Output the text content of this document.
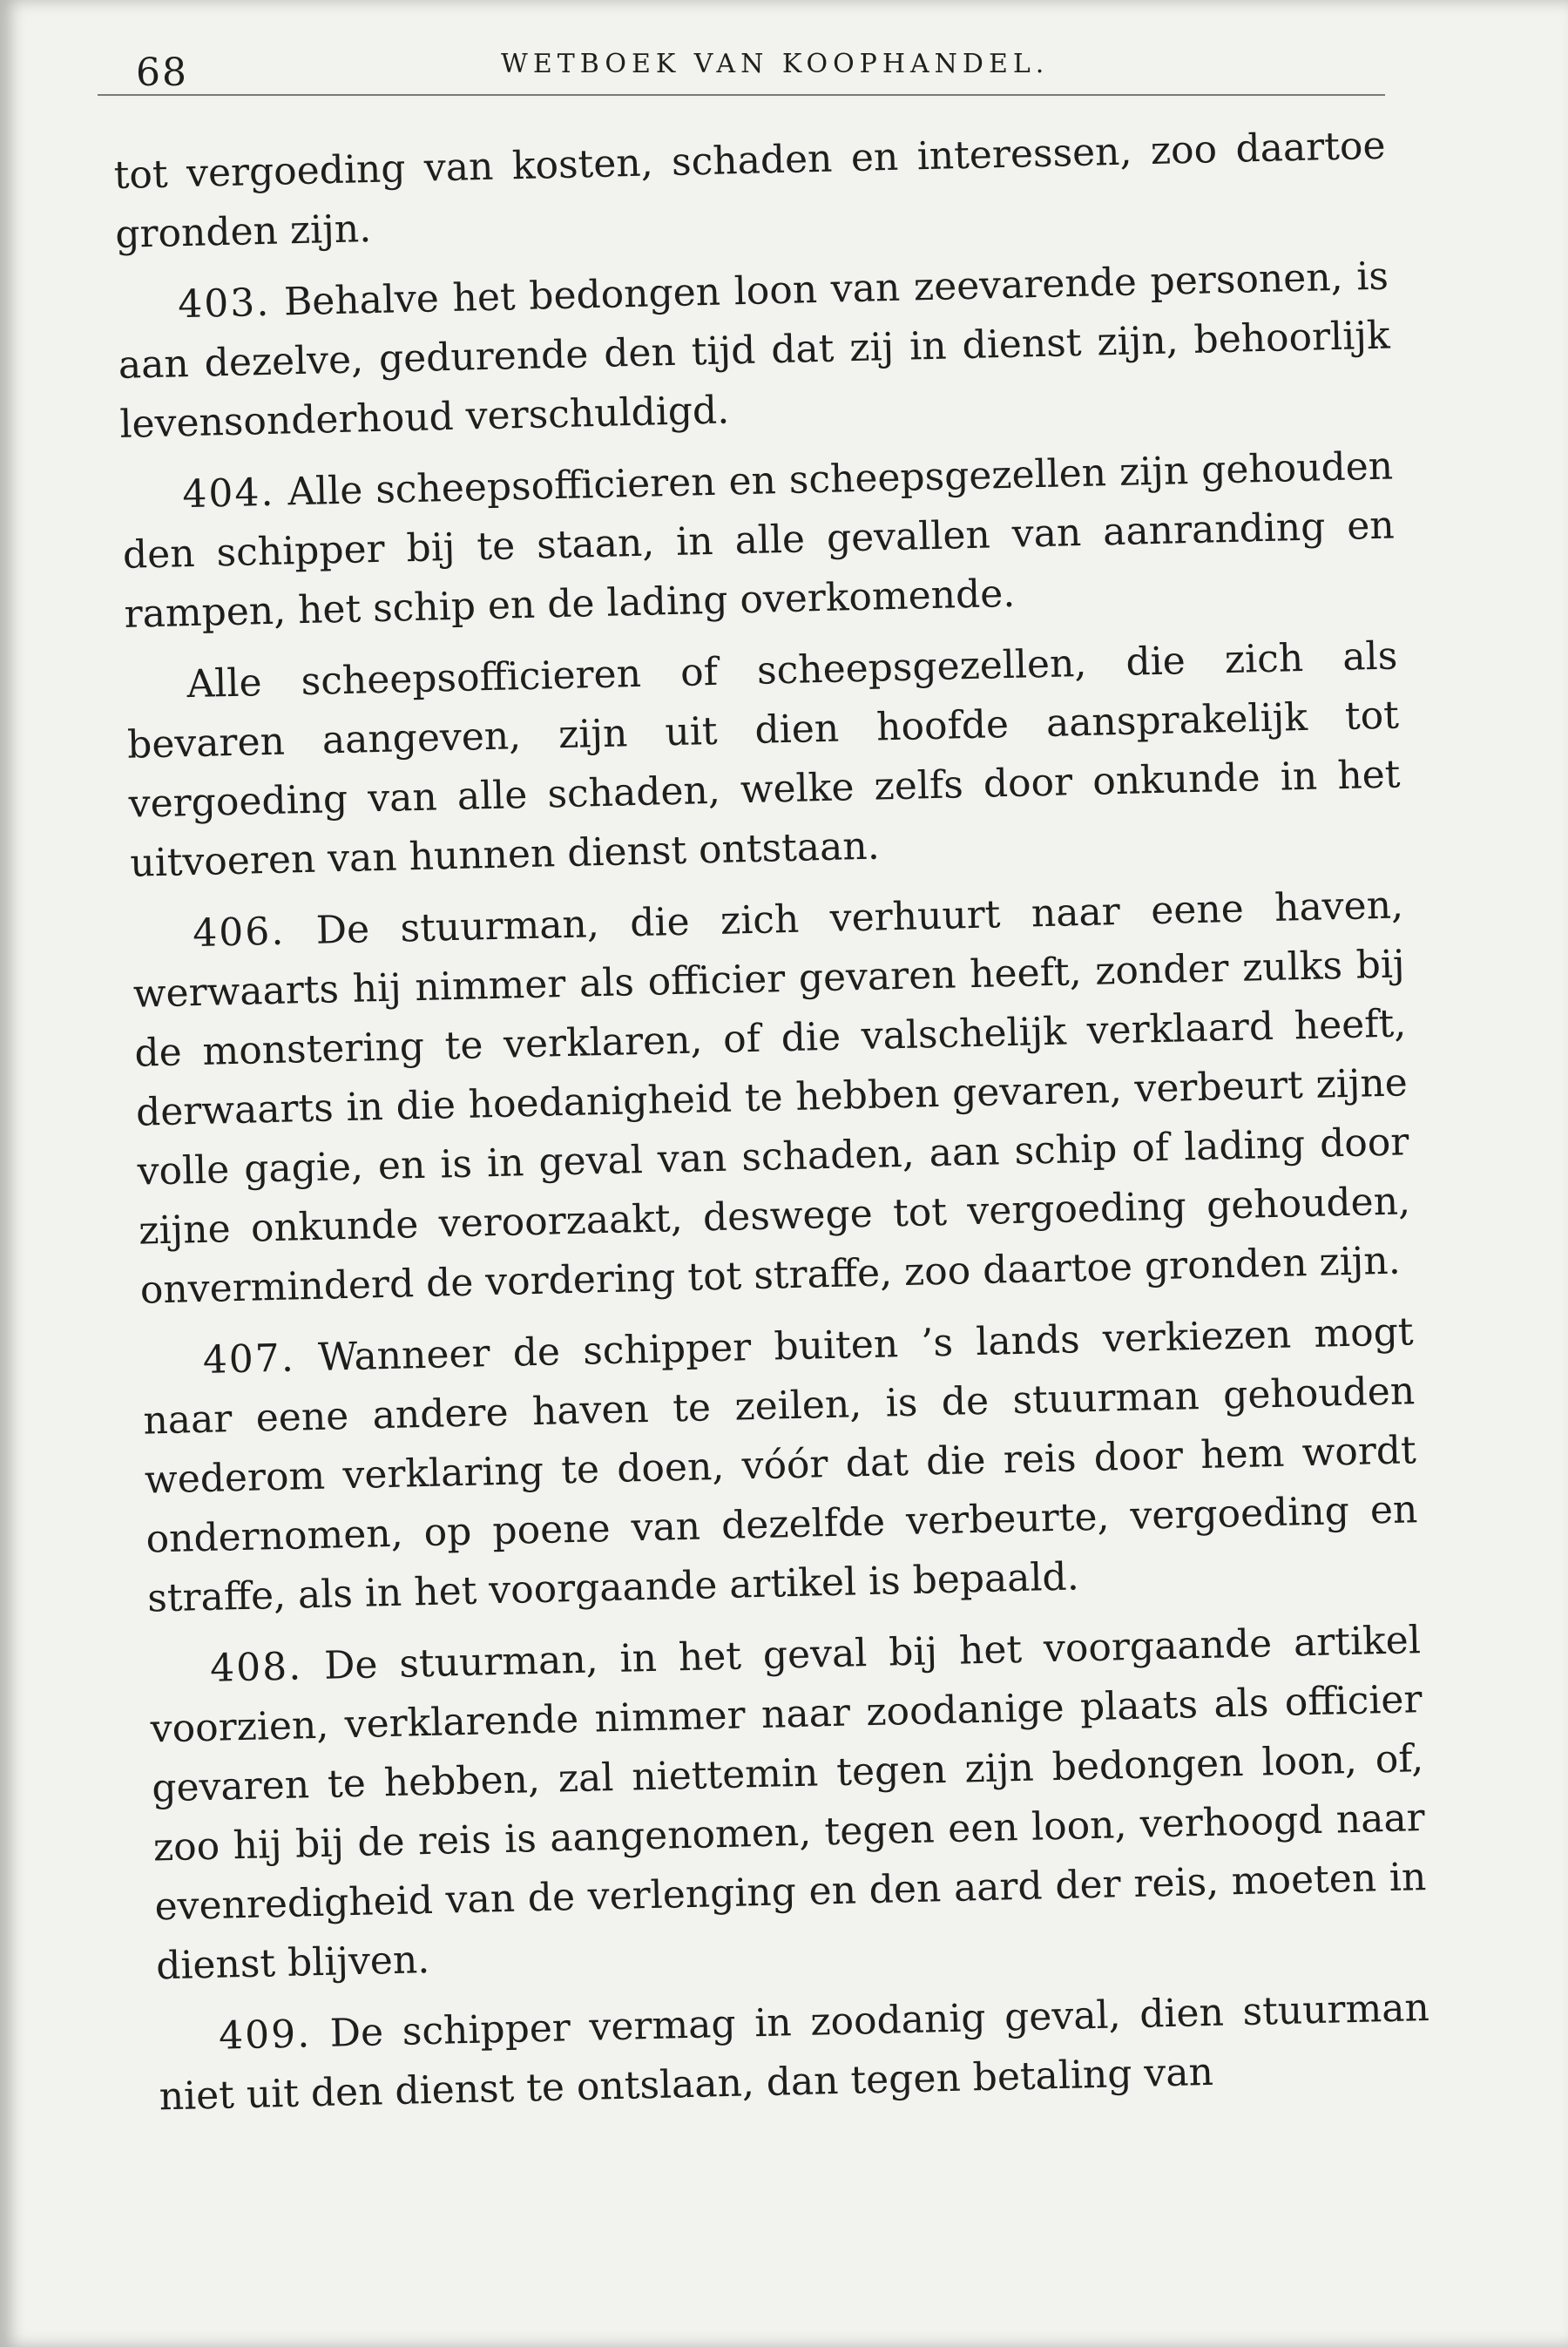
68	WETBOEK VAN KOOPHANDEL.

tot vergoeding van kosten, schaden en interessen, zoo daartoe gronden zijn.

403. Behalve het bedongen loon van zeevarende personen, is aan dezelve, gedurende den tijd dat zij in dienst zijn, behoorlijk levensonderhoud verschuldigd.

404. Alle scheepsofficieren en scheepsgezellen zijn gehouden den schipper bij te staan, in alle gevallen van aanranding en rampen, het schip en de lading overkomende.

Alle scheepsofficieren of scheepsgezellen, die zich als bevaren aangeven, zijn uit dien hoofde aansprakelijk tot vergoeding van alle schaden, welke zelfs door onkunde in het uitvoeren van hunnen dienst ontstaan.

406. De stuurman, die zich verhuurt naar eene haven, werwaarts hij nimmer als officier gevaren heeft, zonder zulks bij de monstering te verklaren, of die valschelijk verklaard heeft, derwaarts in die hoedanigheid te hebben gevaren, verbeurt zijne volle gagie, en is in geval van schaden, aan schip of lading door zijne onkunde veroorzaakt, deswege tot vergoeding gehouden, onverminderd de vordering tot straffe, zoo daartoe gronden zijn.

407. Wanneer de schipper buiten ’s lands verkiezen mogt naar eene andere haven te zeilen, is de stuurman gehouden wederom verklaring te doen, vóór dat die reis door hem wordt ondernomen, op poene van dezelfde verbeurte, vergoeding en straffe, als in het voorgaande artikel is bepaald.

408. De stuurman, in het geval bij het voorgaande artikel voorzien, verklarende nimmer naar zoodanige plaats als officier gevaren te hebben, zal niettemin tegen zijn bedongen loon, of, zoo hij bij de reis is aangenomen, tegen een loon, verhoogd naar evenredigheid van de verlenging en den aard der reis, moeten in dienst blijven.

409. De schipper vermag in zoodanig geval, dien stuurman niet uit den dienst te ontslaan, dan tegen betaling van
